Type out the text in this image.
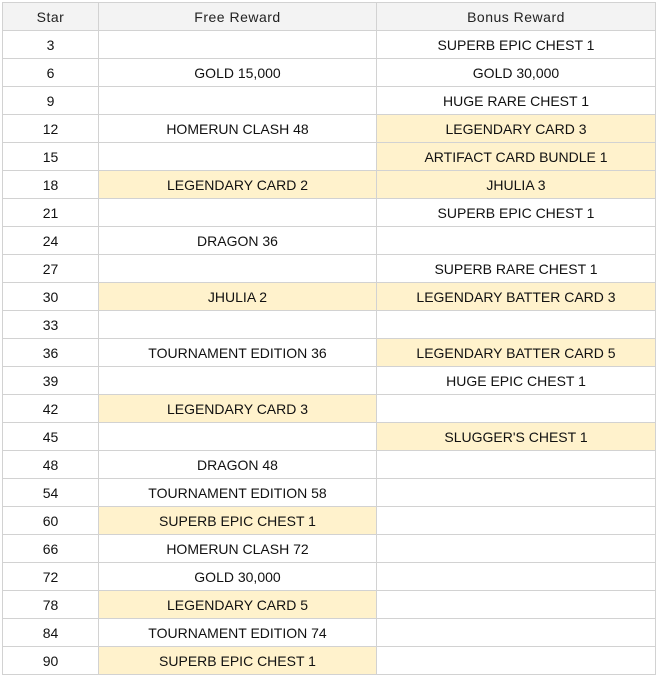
Star	Free Reward	Bonus Reward
3		SUPERB EPIC CHEST 1
6	GOLD 15,000	GOLD 30,000
9		HUGE RARE CHEST 1
12	HOMERUN CLASH 48	LEGENDARY CARD 3
15		ARTIFACT CARD BUNDLE 1
18	LEGENDARY CARD 2	JHULIA 3
21		SUPERB EPIC CHEST 1
24	DRAGON 36	
27		SUPERB RARE CHEST 1
30	JHULIA 2	LEGENDARY BATTER CARD 3
33		
36	TOURNAMENT EDITION 36	LEGENDARY BATTER CARD 5
39		HUGE EPIC CHEST 1
42	LEGENDARY CARD 3	
45		SLUGGER'S CHEST 1
48	DRAGON 48	
54	TOURNAMENT EDITION 58	
60	SUPERB EPIC CHEST 1	
66	HOMERUN CLASH 72	
72	GOLD 30,000	
78	LEGENDARY CARD 5	
84	TOURNAMENT EDITION 74	
90	SUPERB EPIC CHEST 1	
